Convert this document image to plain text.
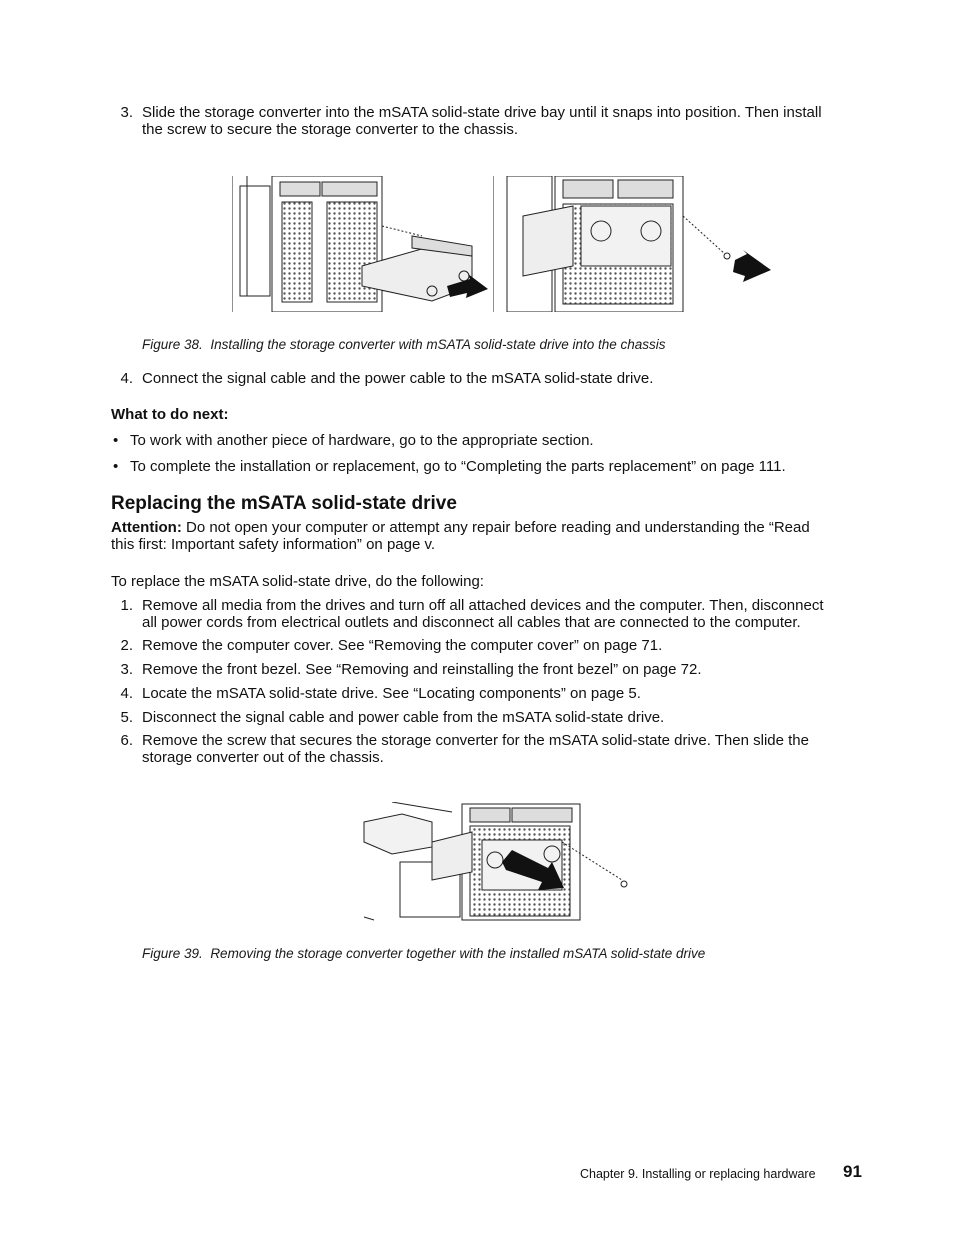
3. Slide the storage converter into the mSATA solid-state drive bay until it snaps into position. Then install
the screw to secure the storage converter to the chassis.
Figure 38. Installing the storage converter with mSATA solid-state drive into the chassis
4. Connect the signal cable and the power cable to the mSATA solid-state drive.
What to do next:
• To work with another piece of hardware, go to the appropriate section.
• To complete the installation or replacement, go to “Completing the parts replacement” on page 111.
Replacing the mSATA solid-state drive
Attention: Do not open your computer or attempt any repair before reading and understanding the “Read
this first: Important safety information” on page v.
To replace the mSATA solid-state drive, do the following:
1. Remove all media from the drives and turn off all attached devices and the computer. Then, disconnect
all power cords from electrical outlets and disconnect all cables that are connected to the computer.
2. Remove the computer cover. See “Removing the computer cover” on page 71.
3. Remove the front bezel. See “Removing and reinstalling the front bezel” on page 72.
4. Locate the mSATA solid-state drive. See “Locating components” on page 5.
5. Disconnect the signal cable and power cable from the mSATA solid-state drive.
6. Remove the screw that secures the storage converter for the mSATA solid-state drive. Then slide the
storage converter out of the chassis.
Figure 39. Removing the storage converter together with the installed mSATA solid-state drive
Chapter 9. Installing or replacing hardware 91
